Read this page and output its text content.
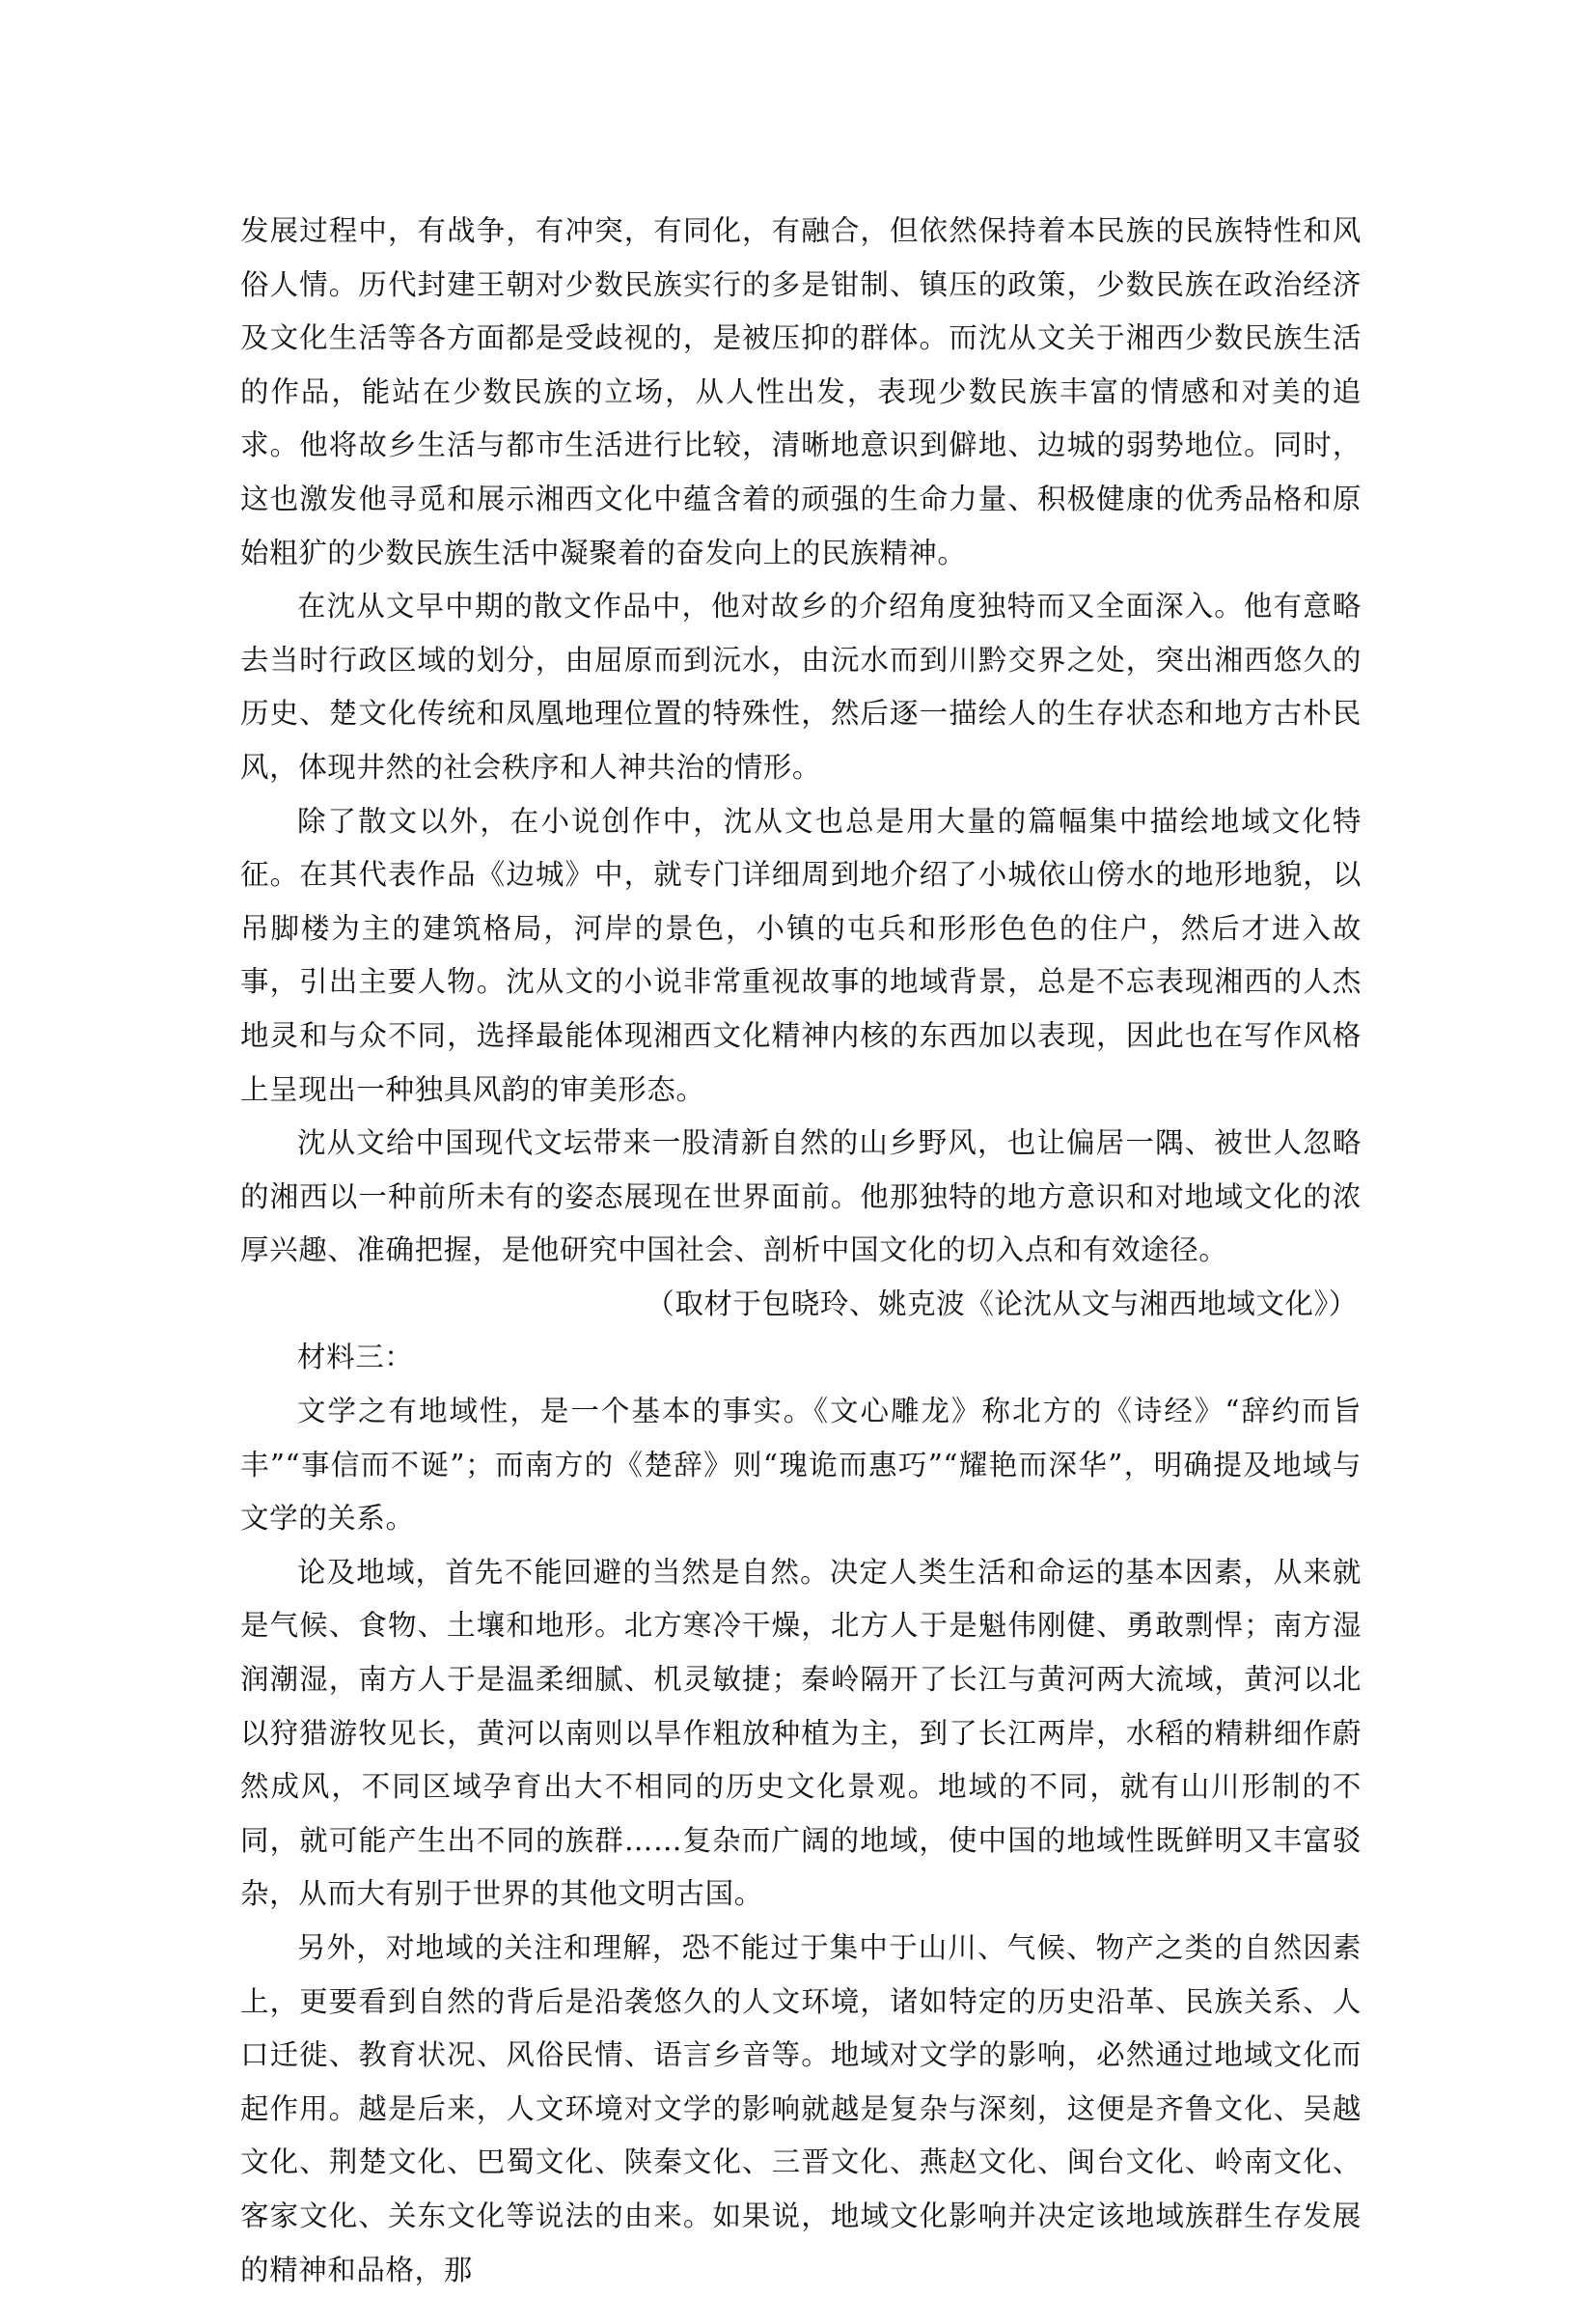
发展过程中，有战争，有冲突，有同化，有融合，但依然保持着本民族的民族特性和风俗人情。历代封建王朝对少数民族实行的多是钳制、镇压的政策，少数民族在政治经济及文化生活等各方面都是受歧视的，是被压抑的群体。而沈从文关于湘西少数民族生活的作品，能站在少数民族的立场，从人性出发，表现少数民族丰富的情感和对美的追求。他将故乡生活与都市生活进行比较，清晰地意识到僻地、边城的弱势地位。同时，这也激发他寻觅和展示湘西文化中蕴含着的顽强的生命力量、积极健康的优秀品格和原始粗犷的少数民族生活中凝聚着的奋发向上的民族精神。

在沈从文早中期的散文作品中，他对故乡的介绍角度独特而又全面深入。他有意略去当时行政区域的划分，由屈原而到沅水，由沅水而到川黔交界之处，突出湘西悠久的历史、楚文化传统和凤凰地理位置的特殊性，然后逐一描绘人的生存状态和地方古朴民风，体现井然的社会秩序和人神共治的情形。

除了散文以外，在小说创作中，沈从文也总是用大量的篇幅集中描绘地域文化特征。在其代表作品《边城》中，就专门详细周到地介绍了小城依山傍水的地形地貌，以吊脚楼为主的建筑格局，河岸的景色，小镇的屯兵和形形色色的住户，然后才进入故事，引出主要人物。沈从文的小说非常重视故事的地域背景，总是不忘表现湘西的人杰地灵和与众不同，选择最能体现湘西文化精神内核的东西加以表现，因此也在写作风格上呈现出一种独具风韵的审美形态。

沈从文给中国现代文坛带来一股清新自然的山乡野风，也让偏居一隅、被世人忽略的湘西以一种前所未有的姿态展现在世界面前。他那独特的地方意识和对地域文化的浓厚兴趣、准确把握，是他研究中国社会、剖析中国文化的切入点和有效途径。

（取材于包晓玲、姚克波《论沈从文与湘西地域文化》）

材料三：

文学之有地域性，是一个基本的事实。《文心雕龙》称北方的《诗经》“辞约而旨丰”“事信而不诞”；而南方的《楚辞》则“瑰诡而惠巧”“耀艳而深华”，明确提及地域与文学的关系。

论及地域，首先不能回避的当然是自然。决定人类生活和命运的基本因素，从来就是气候、食物、土壤和地形。北方寒冷干燥，北方人于是魁伟刚健、勇敢剽悍；南方湿润潮湿，南方人于是温柔细腻、机灵敏捷；秦岭隔开了长江与黄河两大流域，黄河以北以狩猎游牧见长，黄河以南则以旱作粗放种植为主，到了长江两岸，水稻的精耕细作蔚然成风，不同区域孕育出大不相同的历史文化景观。地域的不同，就有山川形制的不同，就可能产生出不同的族群……复杂而广阔的地域，使中国的地域性既鲜明又丰富驳杂，从而大有别于世界的其他文明古国。

另外，对地域的关注和理解，恐不能过于集中于山川、气候、物产之类的自然因素上，更要看到自然的背后是沿袭悠久的人文环境，诸如特定的历史沿革、民族关系、人口迁徙、教育状况、风俗民情、语言乡音等。地域对文学的影响，必然通过地域文化而起作用。越是后来，人文环境对文学的影响就越是复杂与深刻，这便是齐鲁文化、吴越文化、荆楚文化、巴蜀文化、陕秦文化、三晋文化、燕赵文化、闽台文化、岭南文化、客家文化、关东文化等说法的由来。如果说，地域文化影响并决定该地域族群生存发展的精神和品格，那
